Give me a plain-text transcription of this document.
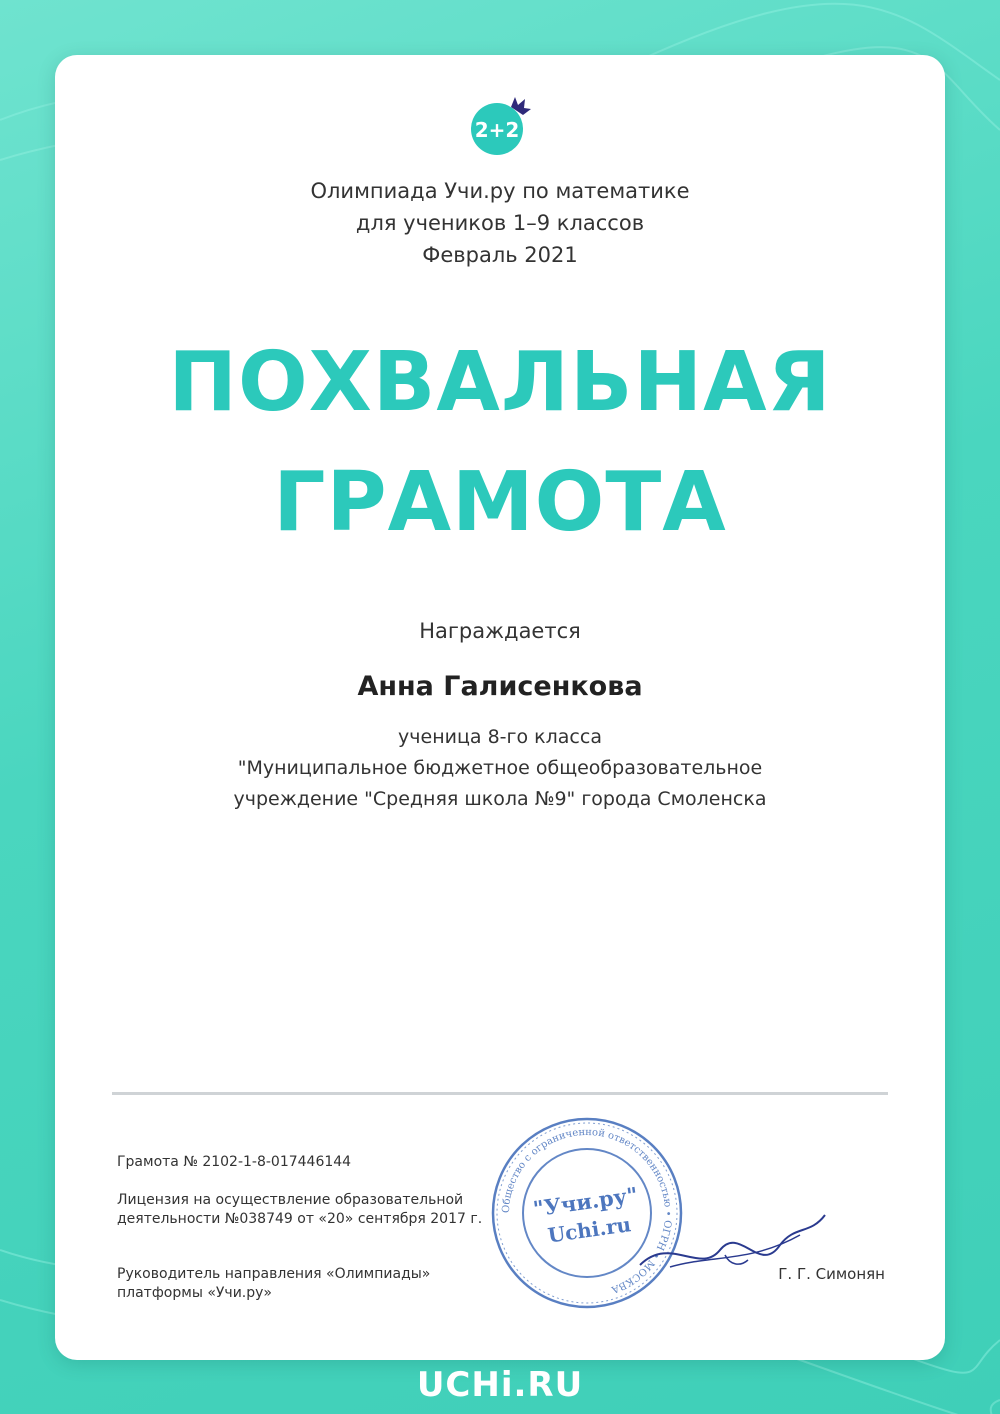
2+2
Олимпиада Учи.ру по математике
для учеников 1–9 классов
Февраль 2021
ПОХВАЛЬНАЯ
ГРАМОТА
Награждается
Анна Галисенкова
ученица 8-го класса
"Муниципальное бюджетное общеобразовательное
учреждение "Средняя школа №9" города Смоленска
Грамота № 2102-1-8-017446144
Лицензия на осуществление образовательной
деятельности №038749 от «20» сентября 2017 г.
Руководитель направления «Олимпиады»
платформы «Учи.ру»
Общество с ограниченной ответственностью • ОГРН • МОСКВА
"Учи.ру"
Uchi.ru
Г. Г. Симонян
UCHi.RU
